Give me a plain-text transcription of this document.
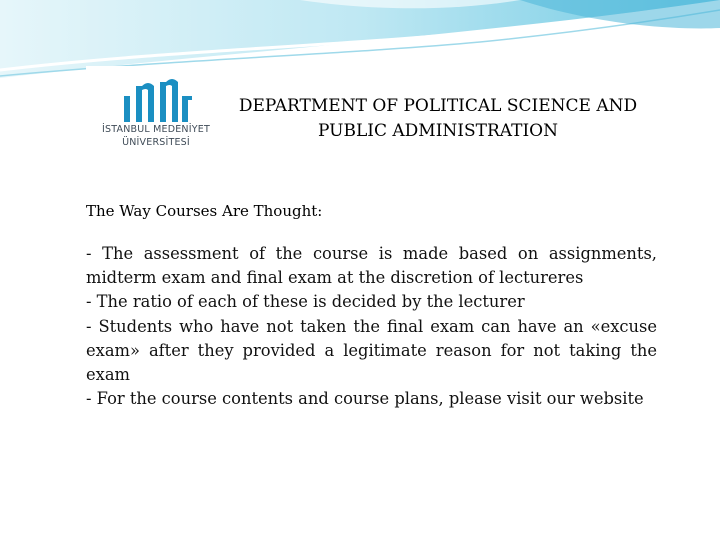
İSTANBUL MEDENİYET
ÜNİVERSİTESİ
DEPARTMENT OF POLITICAL SCIENCE AND
PUBLIC ADMINISTRATION
The Way Courses Are Thought:
- The assessment of the course is made based on assignments, midterm exam and final exam at the discretion of lectureres
- The ratio of each of these is decided by the lecturer
- Students who have not taken the final exam can have an «excuse exam» after they provided a legitimate reason for not taking the exam
- For the course contents and course plans, please visit our website
